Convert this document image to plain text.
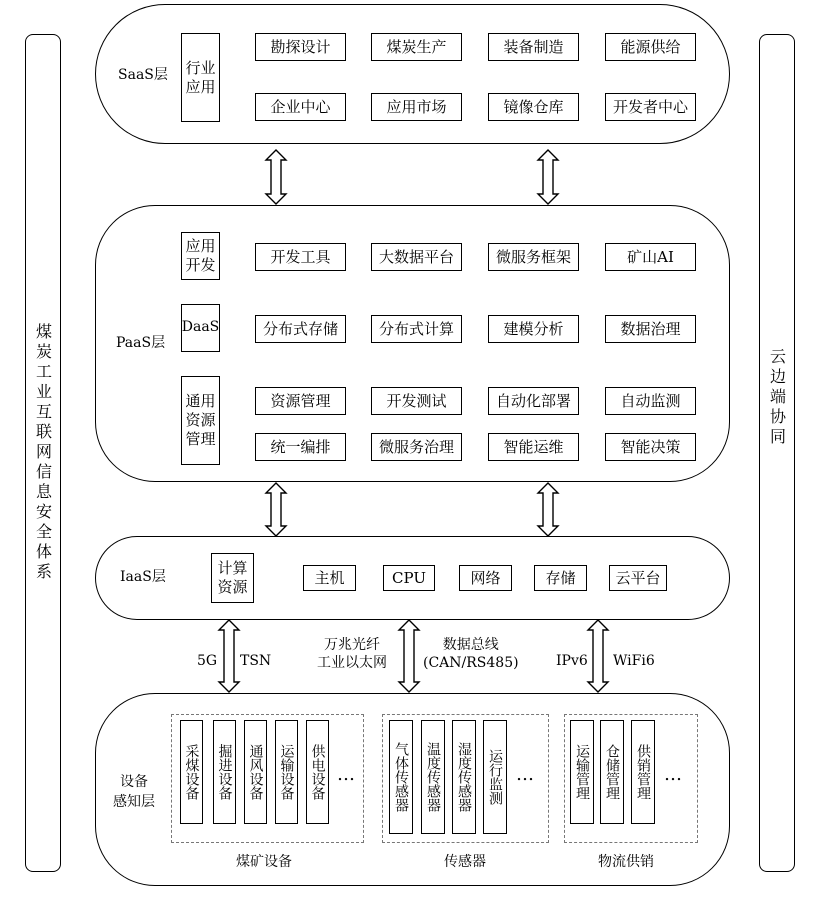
煤炭工业互联网信息安全体系	云边端协同
SaaS层 行业
应用
勘探设计	煤炭生产	装备制造	能源供给
企业中心	应用市场	镜像仓库	开发者中心
PaaS层
应用
开发
DaaS
通用
资源
管理
开发工具	大数据平台	微服务框架	矿山AI
分布式存储	分布式计算	建模分析	数据治理
资源管理	开发测试	自动化部署	自动监测
统一编排	微服务治理	智能运维	智能决策
IaaS层	计算
资源
主机	CPU	网络	存储	云平台
5G TSN
万兆光纤
工业以太网
数据总线
(CAN/RS485)	IPv6 WiFi6
设备
感知层
采煤设备 掘进设备 通风设备 运输设备 供电设备 …
煤矿设备
气体传感器 温度传感器 湿度传感器 运行监测 …
传感器
运输管理 仓储管理 供销管理 …
物流供销
